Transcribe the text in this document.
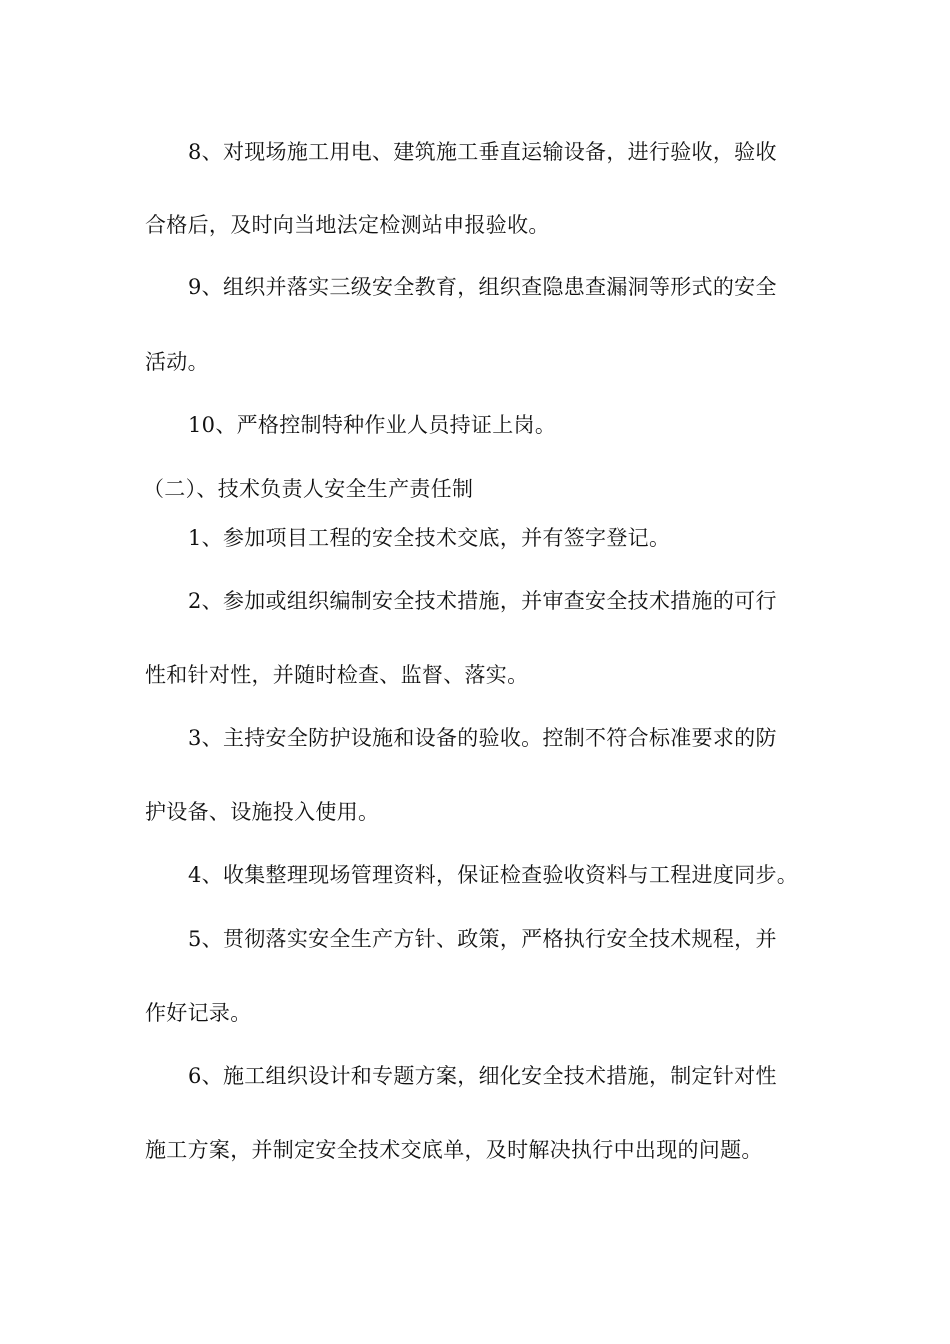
8、对现场施工用电、建筑施工垂直运输设备，进行验收，验收
合格后，及时向当地法定检测站申报验收。
9、组织并落实三级安全教育，组织查隐患查漏洞等形式的安全
活动。
10、严格控制特种作业人员持证上岗。
（二）、技术负责人安全生产责任制
1、参加项目工程的安全技术交底，并有签字登记。
2、参加或组织编制安全技术措施，并审查安全技术措施的可行
性和针对性，并随时检查、监督、落实。
3、主持安全防护设施和设备的验收。控制不符合标准要求的防
护设备、设施投入使用。
4、收集整理现场管理资料，保证检查验收资料与工程进度同步。
5、贯彻落实安全生产方针、政策，严格执行安全技术规程，并
作好记录。
6、施工组织设计和专题方案，细化安全技术措施，制定针对性
施工方案，并制定安全技术交底单，及时解决执行中出现的问题。
